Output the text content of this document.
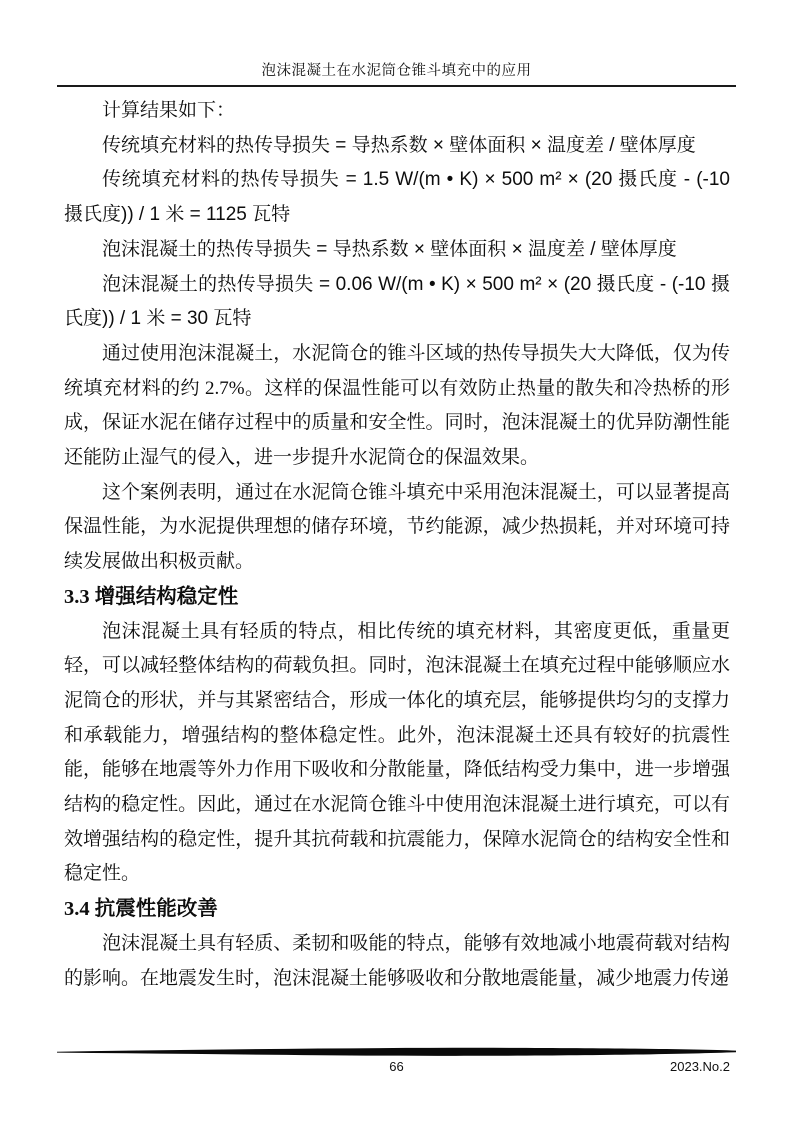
泡沫混凝土在水泥筒仓锥斗填充中的应用

计算结果如下：

传统填充材料的热传导损失 = 导热系数 × 壁体面积 × 温度差 / 壁体厚度

传统填充材料的热传导损失 = 1.5 W/(m • K) × 500 m² × (20 摄氏度 - (-10 摄氏度)) / 1 米 = 1125 瓦特

泡沫混凝土的热传导损失 = 导热系数 × 壁体面积 × 温度差 / 壁体厚度

泡沫混凝土的热传导损失 = 0.06 W/(m • K) × 500 m² × (20 摄氏度 - (-10 摄氏度)) / 1 米 = 30 瓦特

通过使用泡沫混凝土，水泥筒仓的锥斗区域的热传导损失大大降低，仅为传统填充材料的约 2.7%。这样的保温性能可以有效防止热量的散失和冷热桥的形成，保证水泥在储存过程中的质量和安全性。同时，泡沫混凝土的优异防潮性能还能防止湿气的侵入，进一步提升水泥筒仓的保温效果。

这个案例表明，通过在水泥筒仓锥斗填充中采用泡沫混凝土，可以显著提高保温性能，为水泥提供理想的储存环境，节约能源，减少热损耗，并对环境可持续发展做出积极贡献。

3.3 增强结构稳定性

泡沫混凝土具有轻质的特点，相比传统的填充材料，其密度更低，重量更轻，可以减轻整体结构的荷载负担。同时，泡沫混凝土在填充过程中能够顺应水泥筒仓的形状，并与其紧密结合，形成一体化的填充层，能够提供均匀的支撑力和承载能力，增强结构的整体稳定性。此外，泡沫混凝土还具有较好的抗震性能，能够在地震等外力作用下吸收和分散能量，降低结构受力集中，进一步增强结构的稳定性。因此，通过在水泥筒仓锥斗中使用泡沫混凝土进行填充，可以有效增强结构的稳定性，提升其抗荷载和抗震能力，保障水泥筒仓的结构安全性和稳定性。

3.4 抗震性能改善

泡沫混凝土具有轻质、柔韧和吸能的特点，能够有效地减小地震荷载对结构的影响。在地震发生时，泡沫混凝土能够吸收和分散地震能量，减少地震力传递

66	2023.No.2
